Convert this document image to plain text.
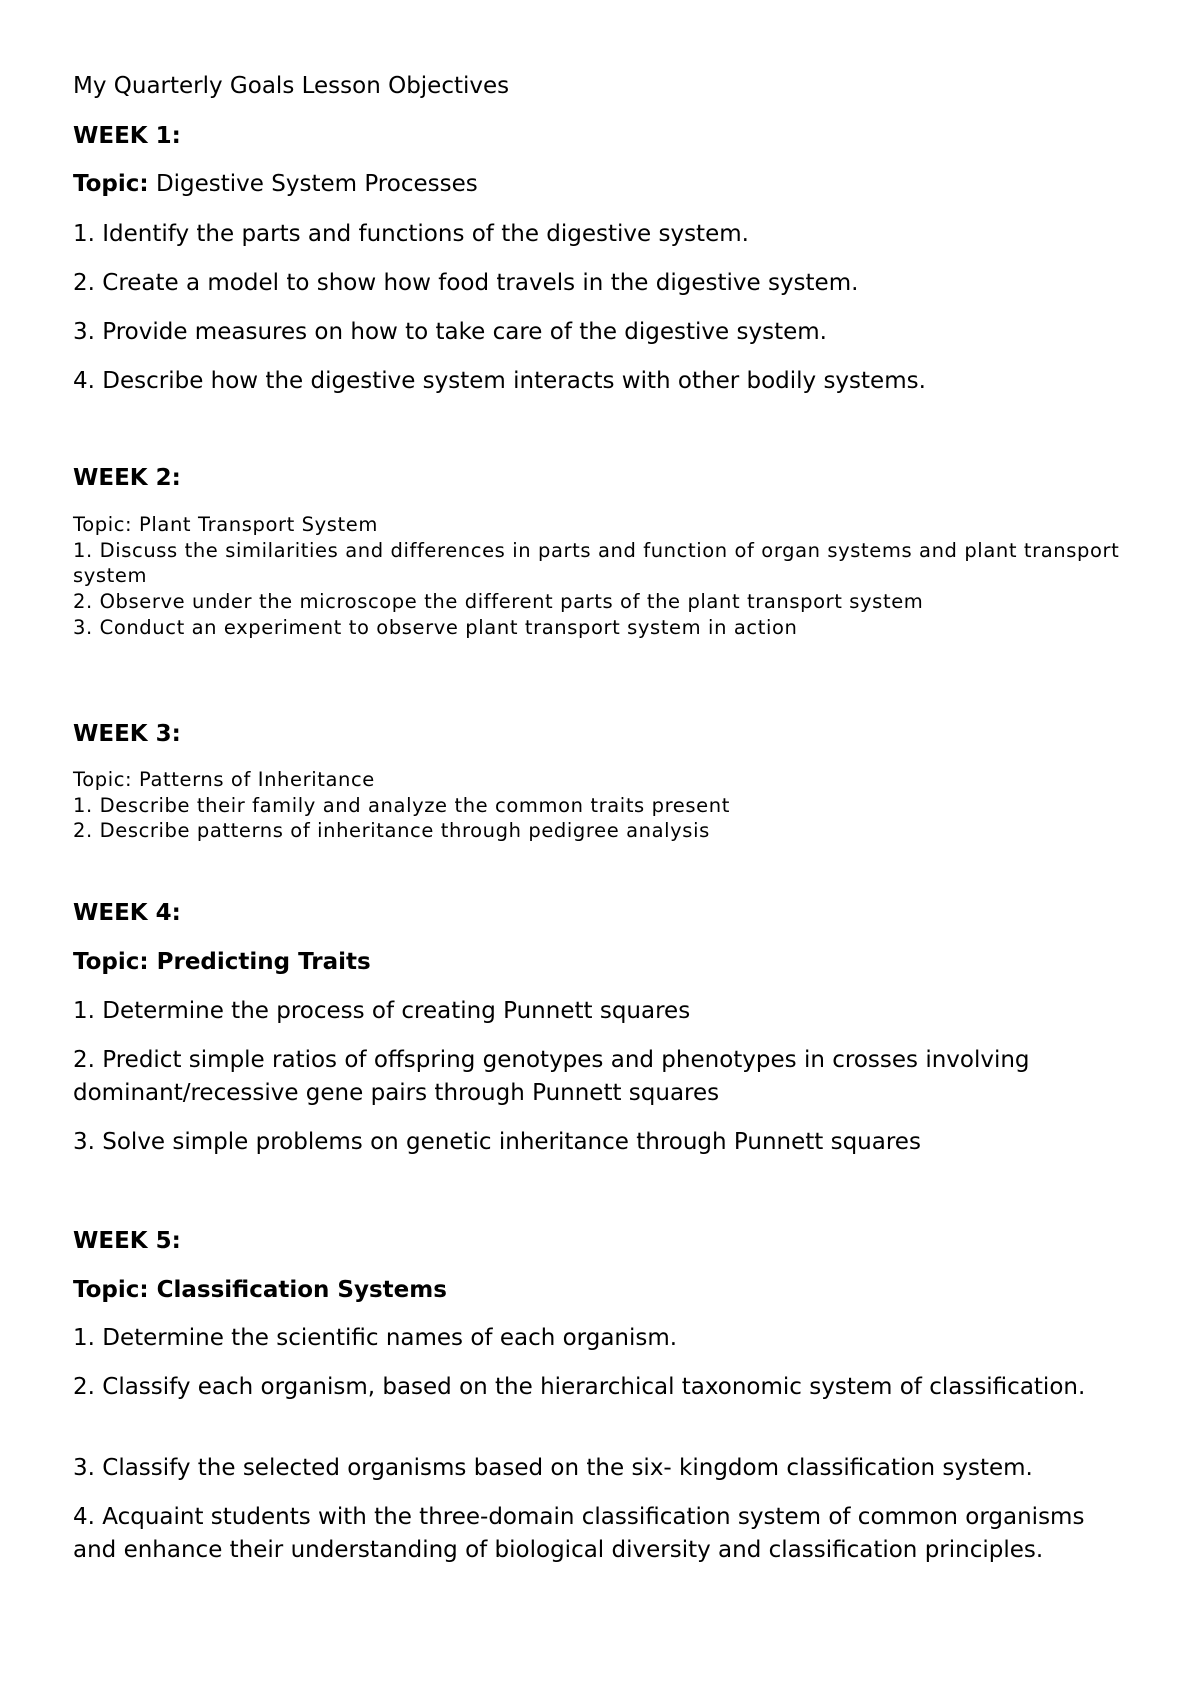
My Quarterly Goals Lesson Objectives
WEEK 1:
Topic: Digestive System Processes
1. Identify the parts and functions of the digestive system.
2. Create a model to show how food travels in the digestive system.
3. Provide measures on how to take care of the digestive system.
4. Describe how the digestive system interacts with other bodily systems.
WEEK 2:
Topic: Plant Transport System
1. Discuss the similarities and differences in parts and function of organ systems and plant transport system
2. Observe under the microscope the different parts of the plant transport system
3. Conduct an experiment to observe plant transport system in action
WEEK 3:
Topic: Patterns of Inheritance
1. Describe their family and analyze the common traits present
2. Describe patterns of inheritance through pedigree analysis
WEEK 4:
Topic: Predicting Traits
1. Determine the process of creating Punnett squares
2. Predict simple ratios of offspring genotypes and phenotypes in crosses involving dominant/recessive gene pairs through Punnett squares
3. Solve simple problems on genetic inheritance through Punnett squares
WEEK 5:
Topic: Classification Systems
1. Determine the scientific names of each organism.
2. Classify each organism, based on the hierarchical taxonomic system of classification.
3. Classify the selected organisms based on the six- kingdom classification system.
4. Acquaint students with the three-domain classification system of common organisms and enhance their understanding of biological diversity and classification principles.
